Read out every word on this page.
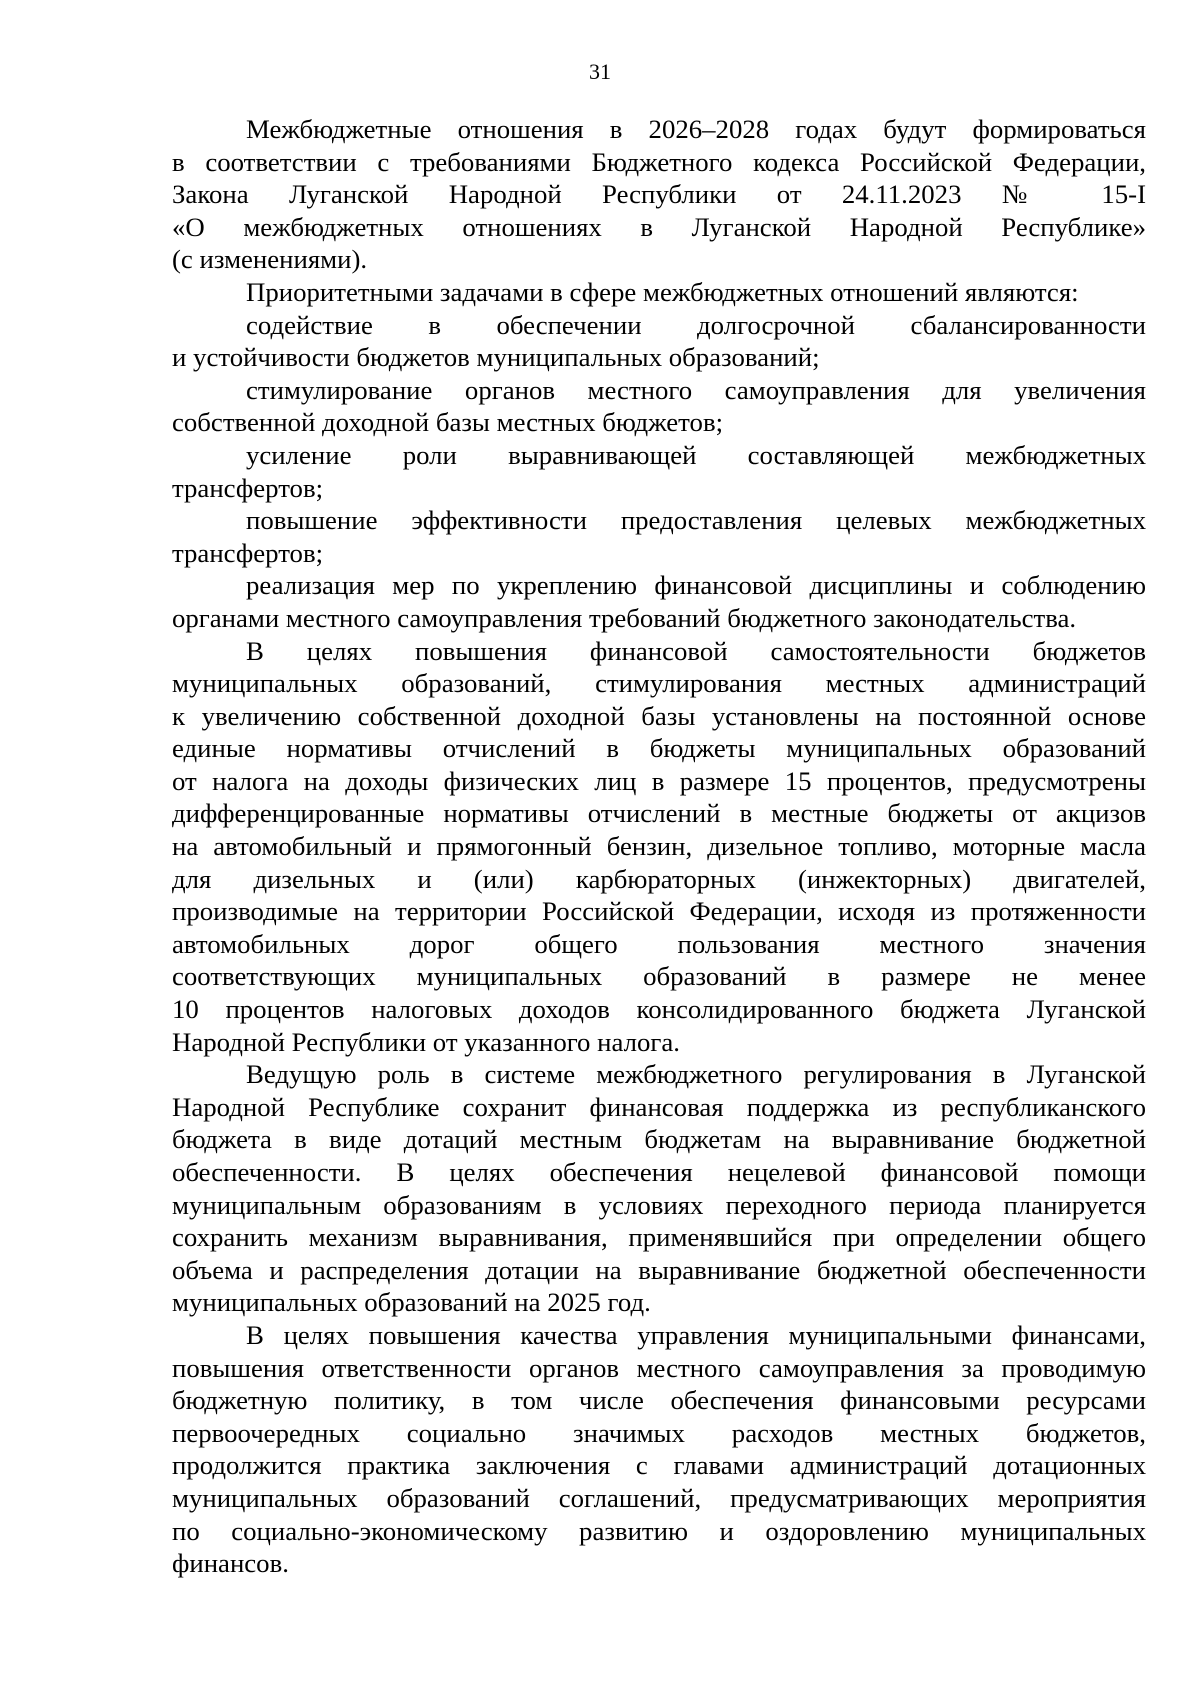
31
Межбюджетные отношения в 2026–2028 годах будут формироваться
в соответствии с требованиями Бюджетного кодекса Российской Федерации,
Закона Луганской Народной Республики от 24.11.2023 № 15-I
«О межбюджетных отношениях в Луганской Народной Республике»
(с изменениями).
Приоритетными задачами в сфере межбюджетных отношений являются:
содействие в обеспечении долгосрочной сбалансированности
и устойчивости бюджетов муниципальных образований;
стимулирование органов местного самоуправления для увеличения
собственной доходной базы местных бюджетов;
усиление роли выравнивающей составляющей межбюджетных
трансфертов;
повышение эффективности предоставления целевых межбюджетных
трансфертов;
реализация мер по укреплению финансовой дисциплины и соблюдению
органами местного самоуправления требований бюджетного законодательства.
В целях повышения финансовой самостоятельности бюджетов
муниципальных образований, стимулирования местных администраций
к увеличению собственной доходной базы установлены на постоянной основе
единые нормативы отчислений в бюджеты муниципальных образований
от налога на доходы физических лиц в размере 15 процентов, предусмотрены
дифференцированные нормативы отчислений в местные бюджеты от акцизов
на автомобильный и прямогонный бензин, дизельное топливо, моторные масла
для дизельных и (или) карбюраторных (инжекторных) двигателей,
производимые на территории Российской Федерации, исходя из протяженности
автомобильных дорог общего пользования местного значения
соответствующих муниципальных образований в размере не менее
10 процентов налоговых доходов консолидированного бюджета Луганской
Народной Республики от указанного налога.
Ведущую роль в системе межбюджетного регулирования в Луганской
Народной Республике сохранит финансовая поддержка из республиканского
бюджета в виде дотаций местным бюджетам на выравнивание бюджетной
обеспеченности. В целях обеспечения нецелевой финансовой помощи
муниципальным образованиям в условиях переходного периода планируется
сохранить механизм выравнивания, применявшийся при определении общего
объема и распределения дотации на выравнивание бюджетной обеспеченности
муниципальных образований на 2025 год.
В целях повышения качества управления муниципальными финансами,
повышения ответственности органов местного самоуправления за проводимую
бюджетную политику, в том числе обеспечения финансовыми ресурсами
первоочередных социально значимых расходов местных бюджетов,
продолжится практика заключения с главами администраций дотационных
муниципальных образований соглашений, предусматривающих мероприятия
по социально-экономическому развитию и оздоровлению муниципальных
финансов.
